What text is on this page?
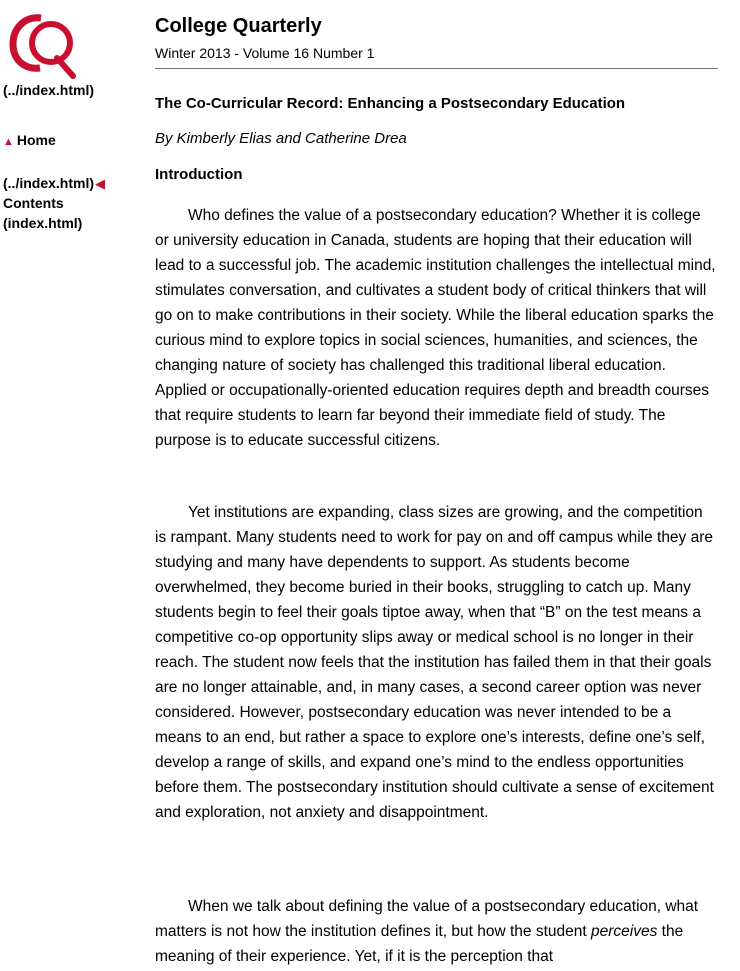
(../index.html)
▲ Home
(../index.html)◀
Contents
(index.html)
College Quarterly
Winter 2013 - Volume 16 Number 1
The Co-Curricular Record: Enhancing a Postsecondary Education
By Kimberly Elias and Catherine Drea
Introduction

Who defines the value of a postsecondary education? Whether it is college or university education in Canada, students are hoping that their education will lead to a successful job. The academic institution challenges the intellectual mind, stimulates conversation, and cultivates a student body of critical thinkers that will go on to make contributions in their society. While the liberal education sparks the curious mind to explore topics in social sciences, humanities, and sciences, the changing nature of society has challenged this traditional liberal education. Applied or occupationally-oriented education requires depth and breadth courses that require students to learn far beyond their immediate field of study. The purpose is to educate successful citizens.

Yet institutions are expanding, class sizes are growing, and the competition is rampant. Many students need to work for pay on and off campus while they are studying and many have dependents to support. As students become overwhelmed, they become buried in their books, struggling to catch up. Many students begin to feel their goals tiptoe away, when that “B” on the test means a competitive co-op opportunity slips away or medical school is no longer in their reach. The student now feels that the institution has failed them in that their goals are no longer attainable, and, in many cases, a second career option was never considered. However, postsecondary education was never intended to be a means to an end, but rather a space to explore one’s interests, define one’s self, develop a range of skills, and expand one’s mind to the endless opportunities before them. The postsecondary institution should cultivate a sense of excitement and exploration, not anxiety and disappointment.

When we talk about defining the value of a postsecondary education, what matters is not how the institution defines it, but how the student perceives the meaning of their experience. Yet, if it is the perception that
